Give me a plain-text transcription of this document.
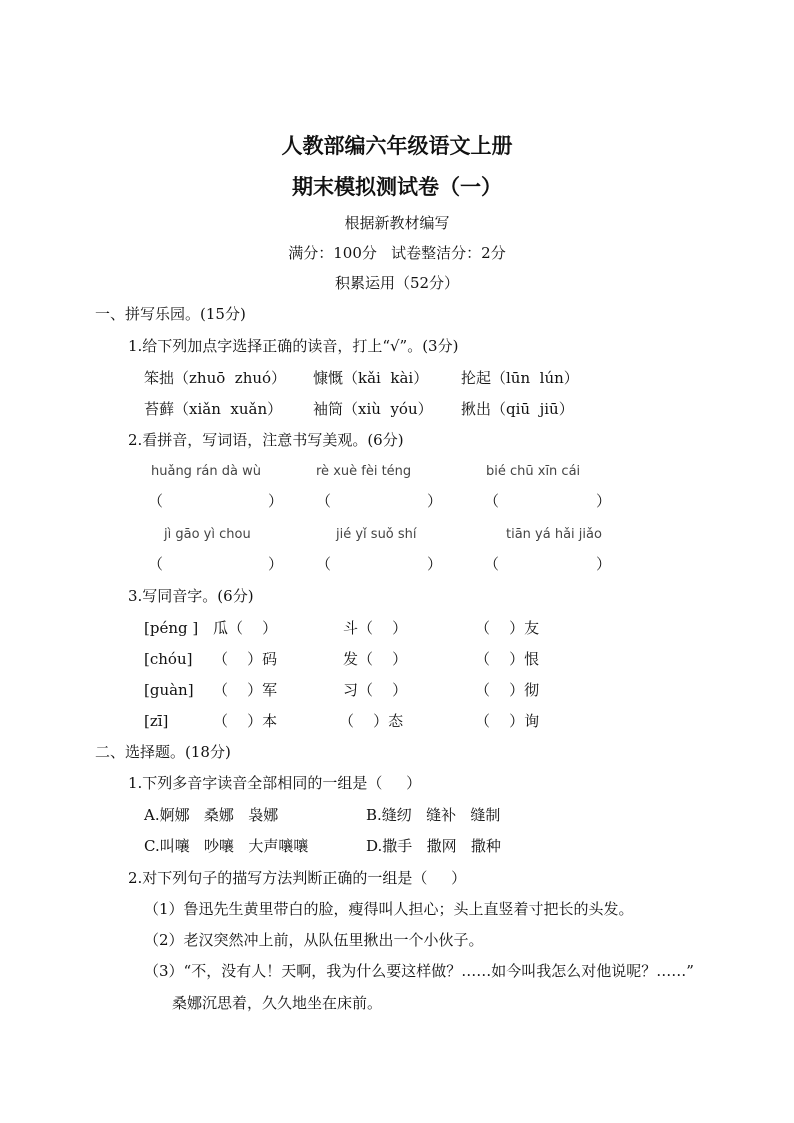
人教部编六年级语文上册
期末模拟测试卷（一）
根据新教材编写
满分：100分   试卷整洁分：2分
积累运用（52分）
一、拼写乐园。(15分)
1.给下列加点字选择正确的读音，打上“√”。(3分)
笨拙（zhuō  zhuó） 慷慨（kǎi  kài） 抡起（lūn  lún）
苔藓（xiǎn  xuǎn） 袖筒（xiù  yóu） 揪出（qiū  jiū）
2.看拼音，写词语，注意书写美观。(6分)
huǎng rán dà wù	rè xuè fèi téng	bié chū xīn cái
（	） （	）	（	）
jì gāo yì chou	jié yǐ suǒ shí	tiān yá hǎi jiǎo
（	） （	）	（	）
3.写同音字。(6分)
[péng ] 瓜（    ）	斗（    ）	（    ）友
[chóu] （    ）码	发（    ）	（    ）恨
[guàn] （    ）军	习（    ）	（    ）彻
[zī]	（    ）本	（    ）态	（    ）询
二、选择题。(18分)
1.下列多音字读音全部相同的一组是（     ）
A.婀娜   桑娜   袅娜	B.缝纫   缝补   缝制
C.叫嚷   吵嚷   大声嚷嚷	D.撒手   撒网   撒种
2.对下列句子的描写方法判断正确的一组是（     ）
（1）鲁迅先生黄里带白的脸，瘦得叫人担心；头上直竖着寸把长的头发。
（2）老汉突然冲上前，从队伍里揪出一个小伙子。
（3）“不，没有人！天啊，我为什么要这样做？……如今叫我怎么对他说呢？……”
桑娜沉思着，久久地坐在床前。
